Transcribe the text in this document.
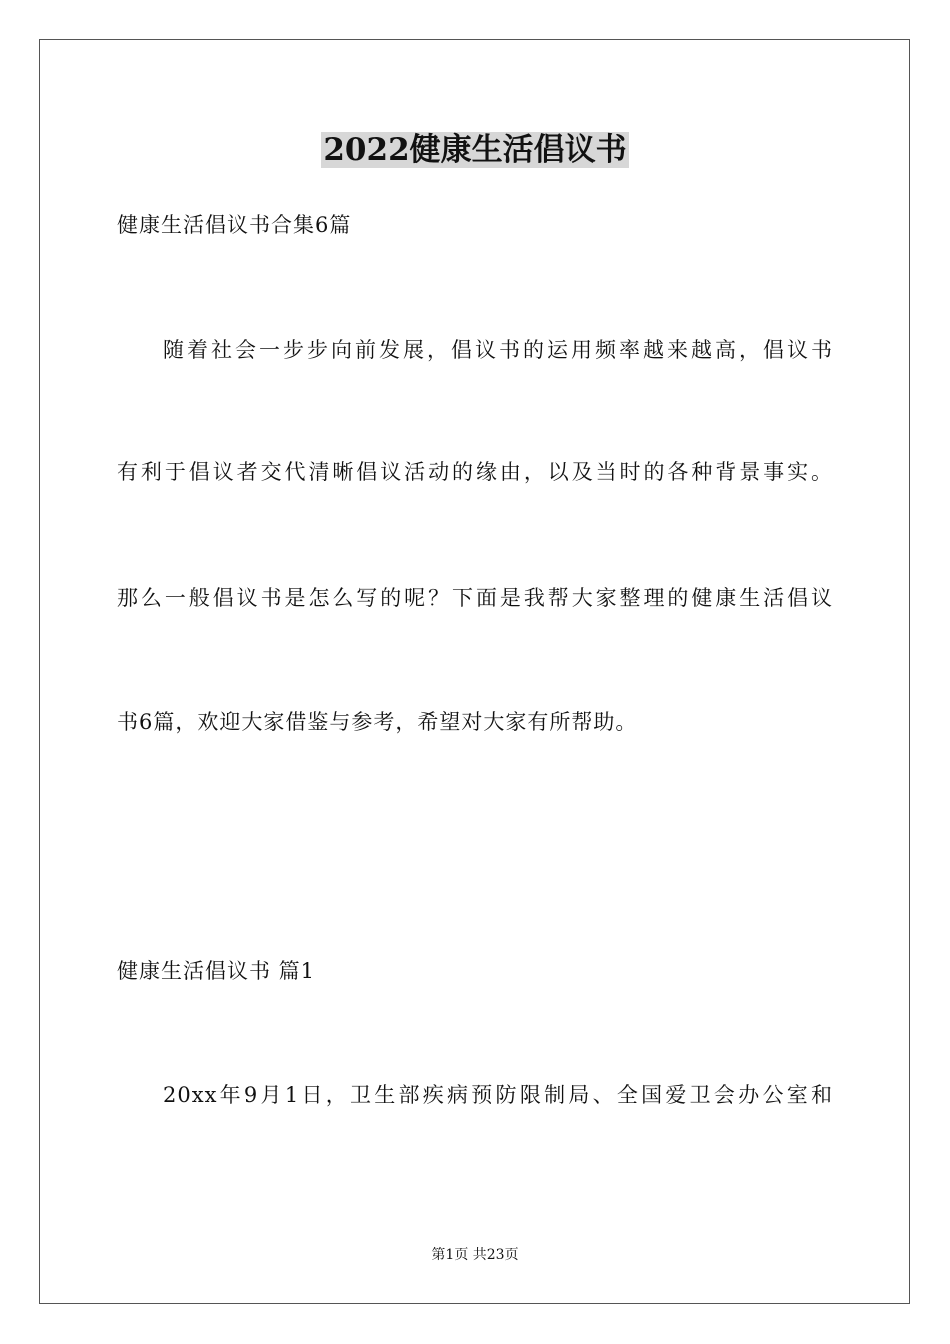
2022健康生活倡议书
健康生活倡议书合集6篇
随着社会一步步向前发展，倡议书的运用频率越来越高，倡议书
有利于倡议者交代清晰倡议活动的缘由，以及当时的各种背景事实。
那么一般倡议书是怎么写的呢？下面是我帮大家整理的健康生活倡议
书6篇，欢迎大家借鉴与参考，希望对大家有所帮助。
健康生活倡议书 篇1
20xx年9月1日，卫生部疾病预防限制局、全国爱卫会办公室和
第1页 共23页
